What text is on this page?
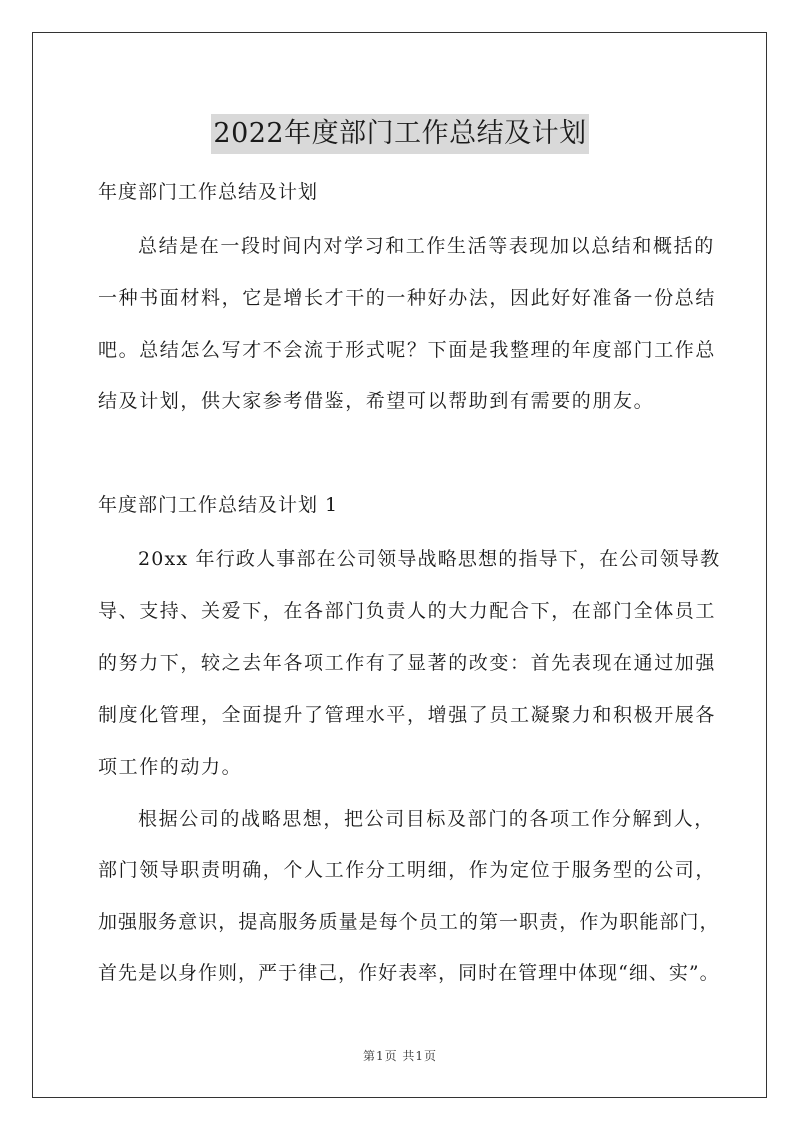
2022年度部门工作总结及计划

年度部门工作总结及计划

总结是在一段时间内对学习和工作生活等表现加以总结和概括的

一种书面材料，它是增长才干的一种好办法，因此好好准备一份总结

吧。总结怎么写才不会流于形式呢？下面是我整理的年度部门工作总

结及计划，供大家参考借鉴，希望可以帮助到有需要的朋友。

年度部门工作总结及计划 1

20xx 年行政人事部在公司领导战略思想的指导下，在公司领导教

导、支持、关爱下，在各部门负责人的大力配合下，在部门全体员工

的努力下，较之去年各项工作有了显著的改变：首先表现在通过加强

制度化管理，全面提升了管理水平，增强了员工凝聚力和积极开展各

项工作的动力。

根据公司的战略思想，把公司目标及部门的各项工作分解到人，

部门领导职责明确，个人工作分工明细，作为定位于服务型的公司，

加强服务意识，提高服务质量是每个员工的第一职责，作为职能部门，

首先是以身作则，严于律己，作好表率，同时在管理中体现“细、实”。

第1页 共1页
